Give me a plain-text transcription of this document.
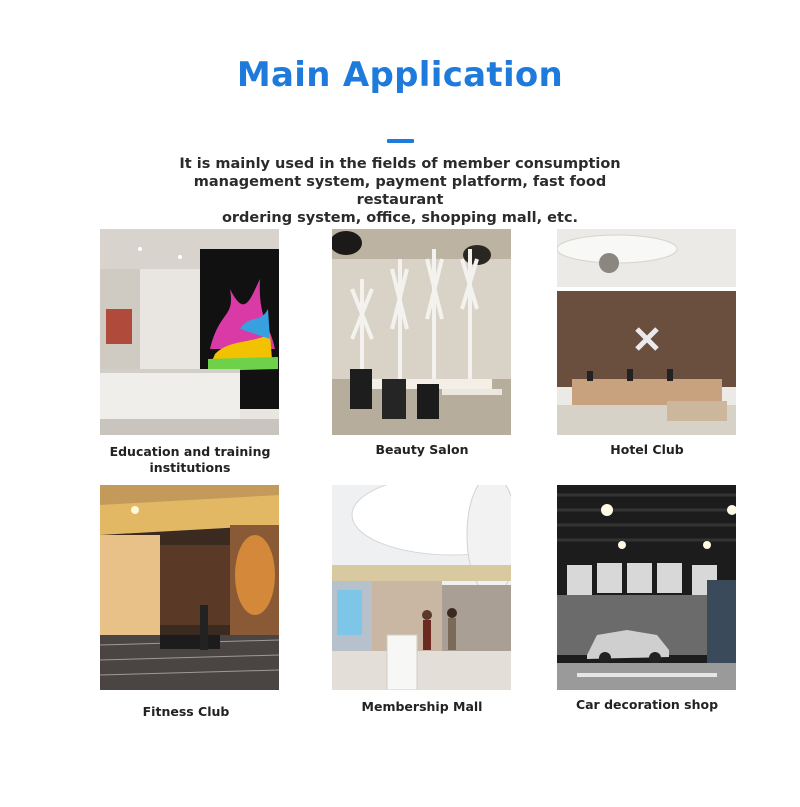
Main Application
It is mainly used in the fields of member consumption
management system, payment platform, fast food restaurant
ordering system, office, shopping mall, etc.
Education and training
institutions
Beauty Salon	Hotel Club
Fitness Club	Membership Mall	Car decoration shop
